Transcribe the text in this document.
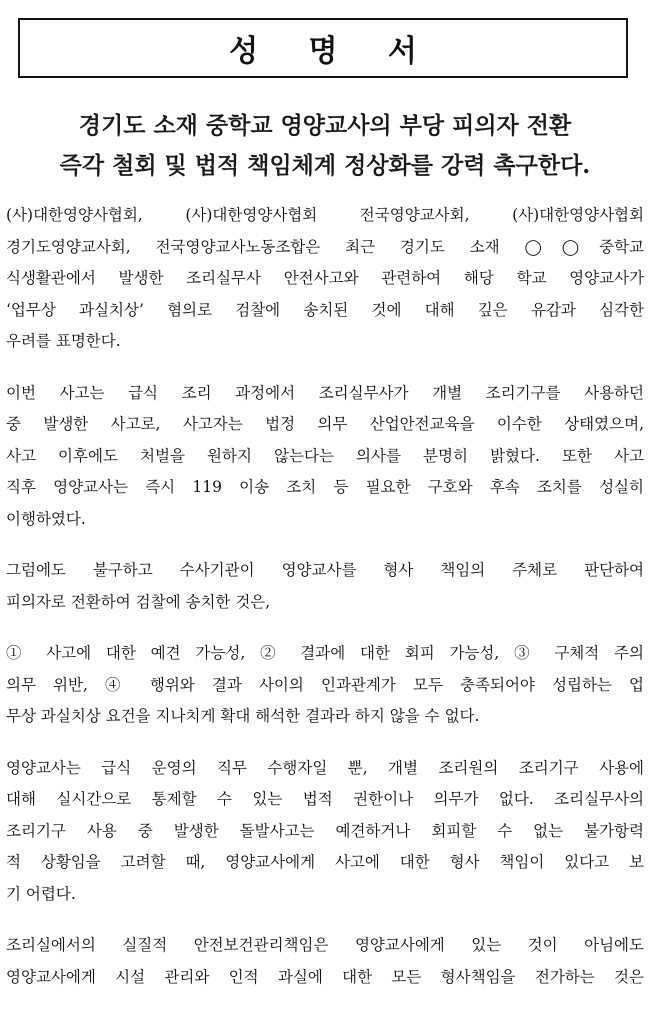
성 명 서
경기도 소재 중학교 영양교사의 부당 피의자 전환
즉각 철회 및 법적 책임체계 정상화를 강력 촉구한다.

(사)대한영양사협회, (사)대한영양사협회 전국영양교사회, (사)대한영양사협회
경기도영양교사회, 전국영양교사노동조합은 최근 경기도 소재 ◯◯중학교
식생활관에서 발생한 조리실무사 안전사고와 관련하여 해당 학교 영양교사가
‘업무상 과실치상’ 혐의로 검찰에 송치된 것에 대해 깊은 유감과 심각한
우려를 표명한다.

이번 사고는 급식 조리 과정에서 조리실무사가 개별 조리기구를 사용하던
중 발생한 사고로, 사고자는 법정 의무 산업안전교육을 이수한 상태였으며,
사고 이후에도 처벌을 원하지 않는다는 의사를 분명히 밝혔다. 또한 사고
직후 영양교사는 즉시 119 이송 조치 등 필요한 구호와 후속 조치를 성실히
이행하였다.

그럼에도 불구하고 수사기관이 영양교사를 형사 책임의 주체로 판단하여
피의자로 전환하여 검찰에 송치한 것은,

① 사고에 대한 예견 가능성, ② 결과에 대한 회피 가능성, ③ 구체적 주의
의무 위반, ④ 행위와 결과 사이의 인과관계가 모두 충족되어야 성립하는 업
무상 과실치상 요건을 지나치게 확대 해석한 결과라 하지 않을 수 없다.

영양교사는 급식 운영의 직무 수행자일 뿐, 개별 조리원의 조리기구 사용에
대해 실시간으로 통제할 수 있는 법적 권한이나 의무가 없다. 조리실무사의
조리기구 사용 중 발생한 돌발사고는 예견하거나 회피할 수 없는 불가항력
적 상황임을 고려할 때, 영양교사에게 사고에 대한 형사 책임이 있다고 보
기 어렵다.

조리실에서의 실질적 안전보건관리책임은 영양교사에게 있는 것이 아님에도
영양교사에게 시설 관리와 인적 과실에 대한 모든 형사책임을 전가하는 것은
